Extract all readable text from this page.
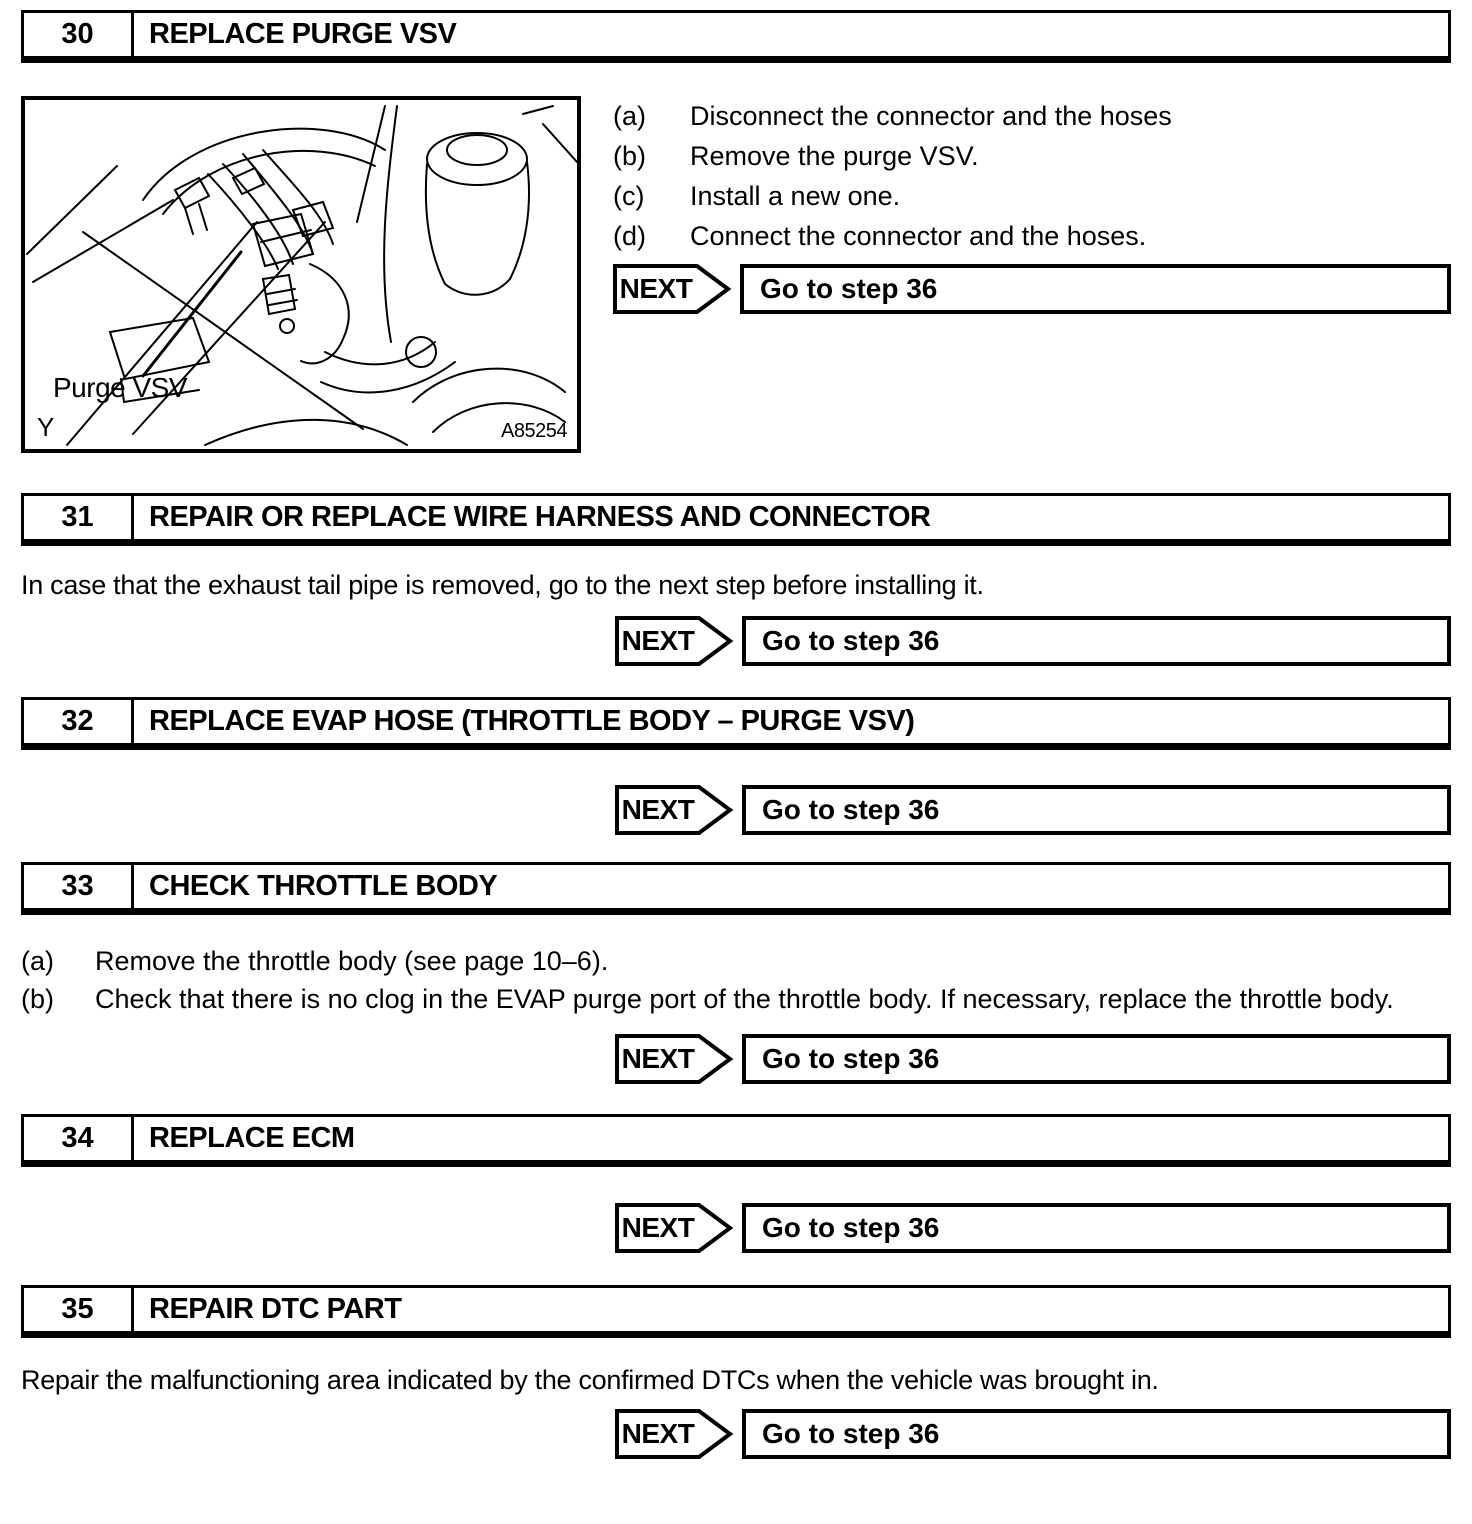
30	REPLACE PURGE VSV
Purge VSV
Y	A85254
(a)	Disconnect the connector and the hoses
(b)	Remove the purge VSV.
(c)	Install a new one.
(d)	Connect the connector and the hoses.
NEXT Go to step 36
31	REPAIR OR REPLACE WIRE HARNESS AND CONNECTOR
In case that the exhaust tail pipe is removed, go to the next step before installing it.
NEXT Go to step 36
32	REPLACE EVAP HOSE (THROTTLE BODY – PURGE VSV)
NEXT Go to step 36
33	CHECK THROTTLE BODY
(a)	Remove the throttle body (see page 10–6).
(b)	Check that there is no clog in the EVAP purge port of the throttle body. If necessary, replace the throttle body.
NEXT Go to step 36
34	REPLACE ECM
NEXT Go to step 36
35	REPAIR DTC PART
Repair the malfunctioning area indicated by the confirmed DTCs when the vehicle was brought in.
NEXT Go to step 36
